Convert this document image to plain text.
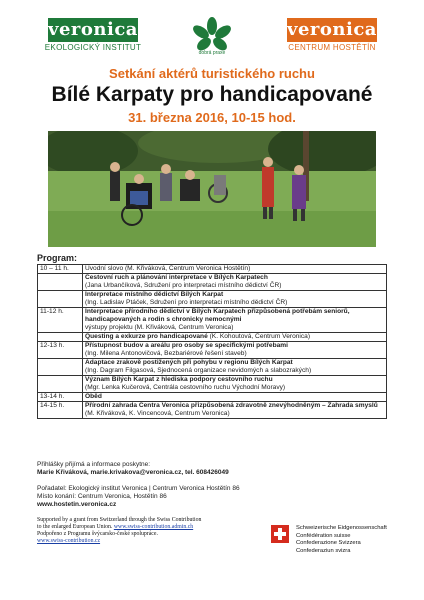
veronica
EKOLOGICKÝ INSTITUT
dobrá praxe
veronica
CENTRUM HOSTĚTÍN
Setkání aktérů turistického ruchu
Bílé Karpaty pro handicapované
31. března 2016, 10-15 hod.
Program:
10 – 11 h.	Úvodní slovo (M. Křiváková, Centrum Veronica Hostětín)
	Cestovní ruch a plánování interpretace v Bílých Karpatech
(Jana Urbančíková, Sdružení pro interpretaci místního dědictví ČR)
	Interpretace místního dědictví Bílých Karpat
(Ing. Ladislav Ptáček, Sdružení pro interpretaci místního dědictví ČR)
11-12 h.	Interpretace přírodního dědictví v Bílých Karpatech přizpůsobená potřebám seniorů, handicapovaných a rodin s chronicky nemocnými
výstupy projektu (M. Křiváková, Centrum Veronica)
	Questing a exkurze pro handicapované (K. Kohoutová, Centrum Veronica)
12-13 h.	Přístupnost budov a areálu pro osoby se specifickými potřebami
(Ing. Milena Antonovičová, Bezbariérové řešení staveb)
	Adaptace zrakově postižených při pohybu v regionu Bílých Karpat
(Ing. Dagram Filgasová, Sjednocená organizace nevidomých a slabozrakých)
	Význam Bílých Karpat z hlediska podpory cestovního ruchu
(Mgr. Lenka Kučerová, Centrála cestovního ruchu Východní Moravy)
13-14 h.	Oběd
14-15 h.	Přírodní zahrada Centra Veronica přizpůsobená zdravotně znevýhodněným – Zahrada smyslů
(M. Křiváková, K. Vincencová, Centrum Veronica)
Přihlášky přijímá a informace poskytne:
Marie Křiváková, marie.krivakova@veronica.cz, tel. 608426049
Pořadatel: Ekologický institut Veronica | Centrum Veronica Hostětín 86
Místo konání: Centrum Veronica, Hostětín 86
www.hostetin.veronica.cz
Supported by a grant from Switzerland through the Swiss Contribution
to the enlarged European Union. www.swiss-contribution.admin.ch
Podpořeno z Programu švýcarsko-české spolupráce.
www.swiss-contribution.cz
Schweizerische Eidgenossenschaft
Confédération suisse
Confederazione Svizzera
Confederaziun svizra
